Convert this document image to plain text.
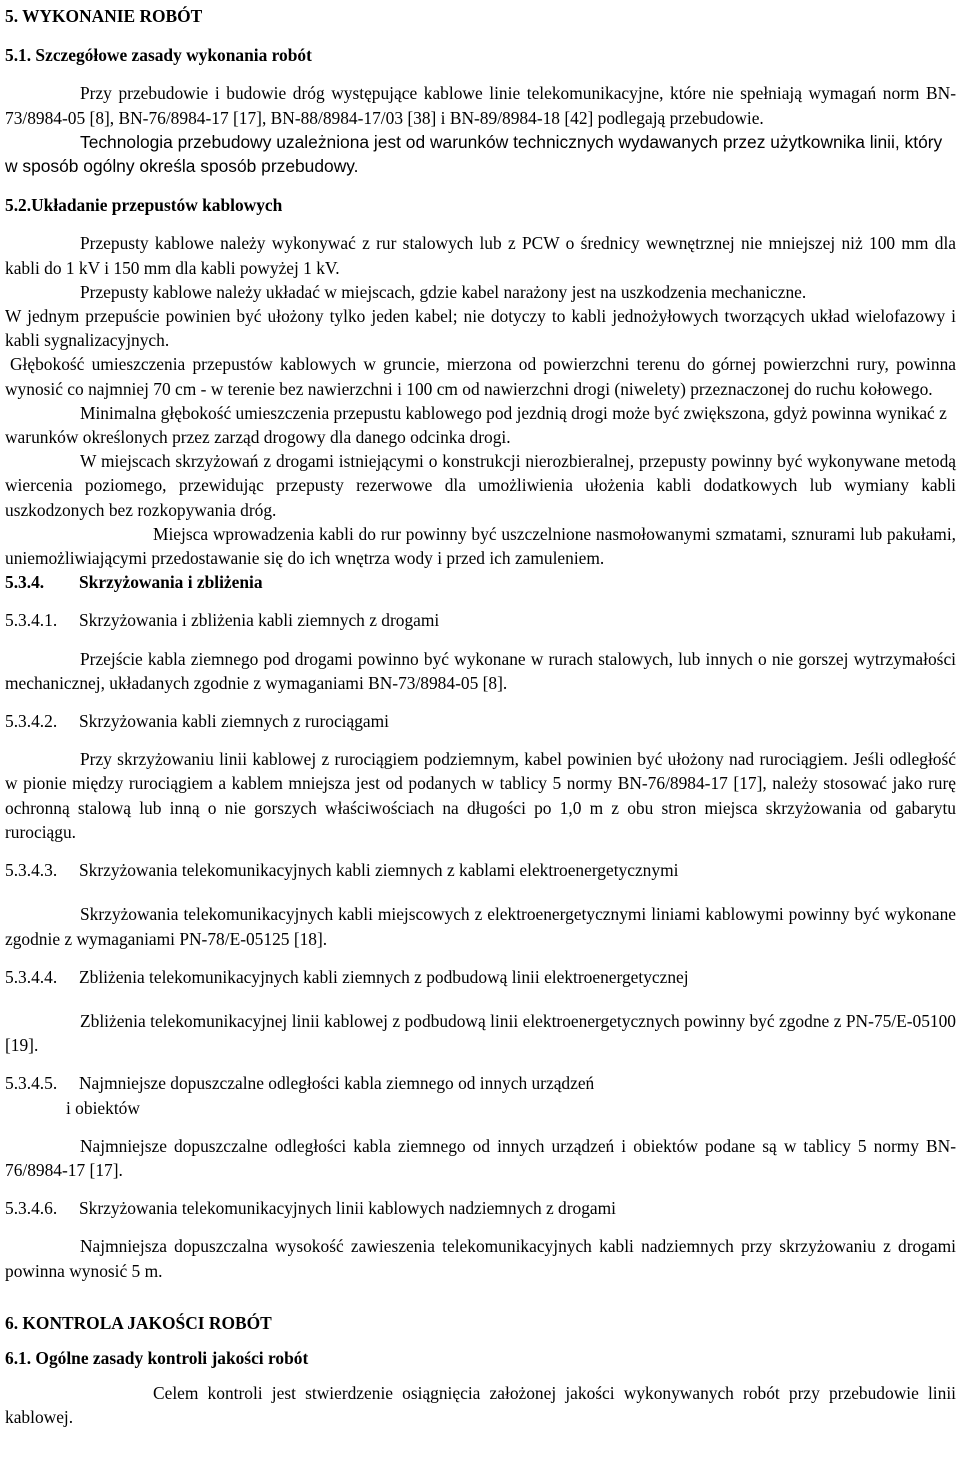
5. WYKONANIE ROBÓT

5.1. Szczegółowe zasady wykonania robót

Przy przebudowie i budowie dróg występujące kablowe linie telekomunikacyjne, które nie spełniają wymagań norm BN-73/8984-05 [8], BN-76/8984-17 [17], BN-88/8984-17/03 [38] i BN-89/8984-18 [42] podlegają przebudowie.

Technologia przebudowy uzależniona jest od warunków technicznych wydawanych przez użytkownika linii, który w sposób ogólny określa sposób przebudowy.

5.2.Układanie przepustów kablowych

Przepusty kablowe należy wykonywać z rur stalowych lub z PCW o średnicy wewnętrznej nie mniejszej niż 100 mm dla kabli do 1 kV i 150 mm dla kabli powyżej 1 kV.

Przepusty kablowe należy układać w miejscach, gdzie kabel narażony jest na uszkodzenia mechaniczne.

W jednym przepuście powinien być ułożony tylko jeden kabel; nie dotyczy to kabli jednożyłowych tworzących układ wielofazowy i kabli sygnalizacyjnych.

Głębokość umieszczenia przepustów kablowych w gruncie, mierzona od powierzchni terenu do górnej powierzchni rury, powinna wynosić co najmniej 70 cm - w terenie bez nawierzchni i 100 cm od nawierzchni drogi (niwelety) przeznaczonej do ruchu kołowego.

Minimalna głębokość umieszczenia przepustu kablowego pod jezdnią drogi może być zwiększona, gdyż powinna wynikać z warunków określonych przez zarząd drogowy dla danego odcinka drogi.

W miejscach skrzyżowań z drogami istniejącymi o konstrukcji nierozbieralnej, przepusty powinny być wykonywane metodą wiercenia poziomego, przewidując przepusty rezerwowe dla umożliwienia ułożenia kabli dodatkowych lub wymiany kabli uszkodzonych bez rozkopywania dróg.

Miejsca wprowadzenia kabli do rur powinny być uszczelnione nasmołowanymi szmatami, sznurami lub pakułami, uniemożliwiającymi przedostawanie się do ich wnętrza wody i przed ich zamuleniem.

5.3.4.	Skrzyżowania i zbliżenia
5.3.4.1.	Skrzyżowania i zbliżenia kabli ziemnych z drogami

Przejście kabla ziemnego pod drogami powinno być wykonane w rurach stalowych, lub innych o nie gorszej wytrzymałości mechanicznej, układanych zgodnie z wymaganiami BN-73/8984-05 [8].

5.3.4.2.	Skrzyżowania kabli ziemnych z rurociągami

Przy skrzyżowaniu linii kablowej z rurociągiem podziemnym, kabel powinien być ułożony nad rurociągiem. Jeśli odległość w pionie między rurociągiem a kablem mniejsza jest od podanych w tablicy 5 normy BN-76/8984-17 [17], należy stosować jako rurę ochronną stalową lub inną o nie gorszych właściwościach na długości po 1,0 m z obu stron miejsca skrzyżowania od gabarytu rurociągu.

5.3.4.3.	Skrzyżowania telekomunikacyjnych kabli ziemnych z kablami elektroenergetycznymi

Skrzyżowania telekomunikacyjnych kabli miejscowych z elektroenergetycznymi liniami kablowymi powinny być wykonane zgodnie z wymaganiami PN-78/E-05125 [18].

5.3.4.4.	Zbliżenia telekomunikacyjnych kabli ziemnych z podbudową linii elektroenergetycznej

Zbliżenia telekomunikacyjnej linii kablowej z podbudową linii elektroenergetycznych powinny być zgodne z PN-75/E-05100 [19].

5.3.4.5.	Najmniejsze dopuszczalne odległości kabla ziemnego od innych urządzeń
i obiektów

Najmniejsze dopuszczalne odległości kabla ziemnego od innych urządzeń i obiektów podane są w tablicy 5 normy BN-76/8984-17 [17].

5.3.4.6.	Skrzyżowania telekomunikacyjnych linii kablowych nadziemnych z drogami

Najmniejsza dopuszczalna wysokość zawieszenia telekomunikacyjnych kabli nadziemnych przy skrzyżowaniu z drogami powinna wynosić 5 m.

6. KONTROLA JAKOŚCI ROBÓT

6.1. Ogólne zasady kontroli jakości robót

Celem kontroli jest stwierdzenie osiągnięcia założonej jakości wykonywanych robót przy przebudowie linii kablowej.
